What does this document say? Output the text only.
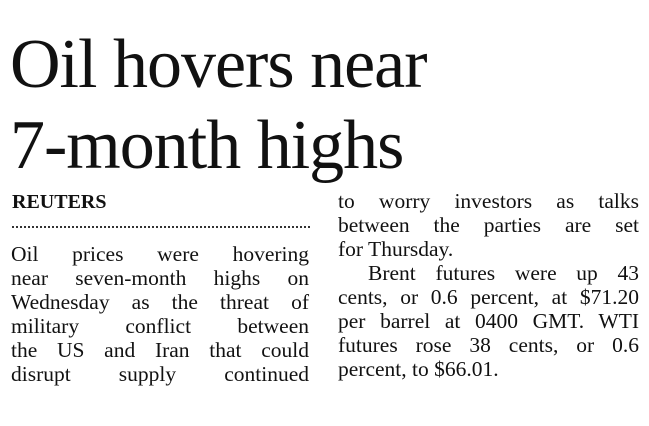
Oil hovers near
7-month highs
REUTERS
Oil prices were hovering
near seven-month highs on
Wednesday as the threat of
military conflict between
the US and Iran that could
disrupt supply continued
to worry investors as talks
between the parties are set
for Thursday.
Brent futures were up 43
cents, or 0.6 percent, at $71.20
per barrel at 0400 GMT. WTI
futures rose 38 cents, or 0.6
percent, to $66.01.
